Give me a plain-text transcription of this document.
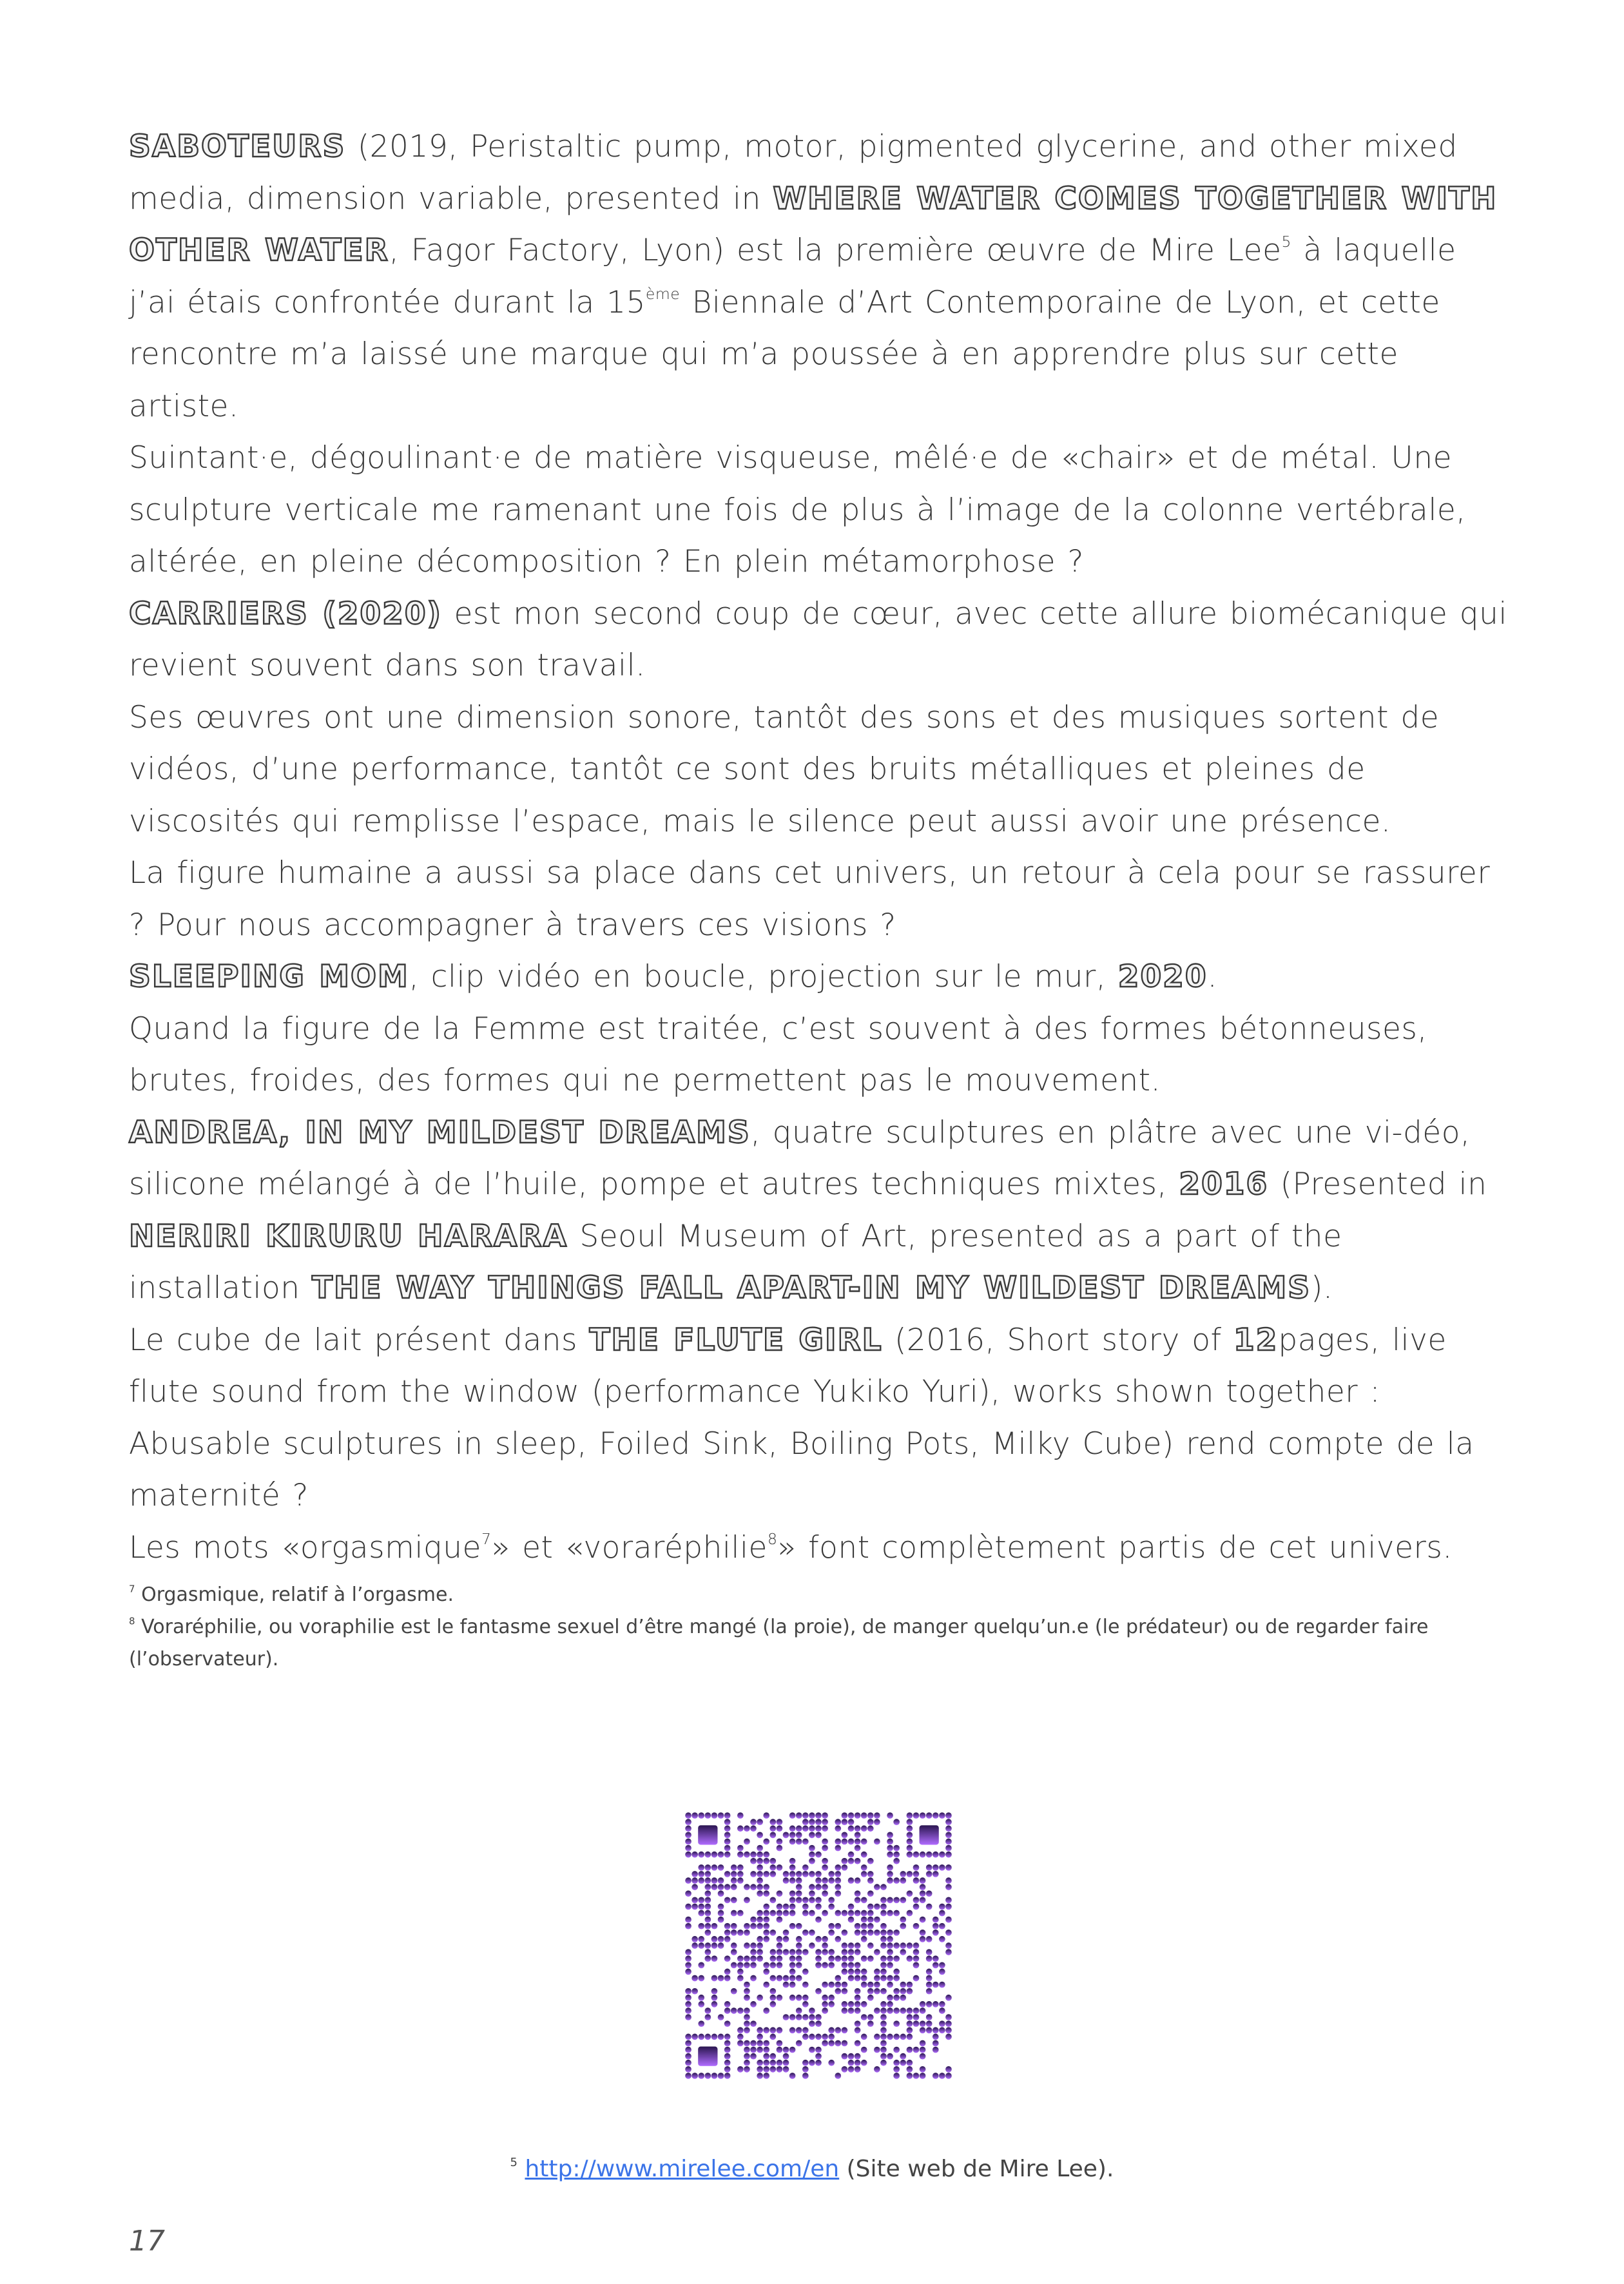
SABOTEURS (2019, Peristaltic pump, motor, pigmented glycerine, and other mixed media, dimension variable, presented in WHERE WATER COMES TOGETHER WITH OTHER WATER, Fagor Factory, Lyon) est la première œuvre de Mire Lee$^5$ à laquelle j’ai étais confrontée durant la 15ème Biennale d’Art Contemporaine de Lyon, et cette rencontre m’a laissé une marque qui m’a poussée à en apprendre plus sur cette artiste.

Suintant·e, dégoulinant·e de matière visqueuse, mêlé·e de «chair» et de métal. Une sculpture verticale me ramenant une fois de plus à l’image de la colonne vertébrale, altérée, en pleine décomposition ? En plein métamorphose ?

CARRIERS (2020) est mon second coup de cœur, avec cette allure biomécanique qui revient souvent dans son travail.

Ses œuvres ont une dimension sonore, tantôt des sons et des musiques sortent de vidéos, d’une performance, tantôt ce sont des bruits métalliques et pleines de viscosités qui remplisse l’espace, mais le silence peut aussi avoir une présence.

La figure humaine a aussi sa place dans cet univers, un retour à cela pour se rassurer ? Pour nous accompagner à travers ces visions ?

SLEEPING MOM, clip vidéo en boucle, projection sur le mur, 2020.

Quand la figure de la Femme est traitée, c’est souvent à des formes bétonneuses, brutes, froides, des formes qui ne permettent pas le mouvement.

ANDREA, IN MY MILDEST DREAMS, quatre sculptures en plâtre avec une vi-déo, silicone mélangé à de l’huile, pompe et autres techniques mixtes, 2016 (Presented in NERIRI KIRURU HARARA Seoul Museum of Art, presented as a part of the installation THE WAY THINGS FALL APART-IN MY WILDEST DREAMS).

Le cube de lait présent dans THE FLUTE GIRL (2016, Short story of 12pages, live flute sound from the window (performance Yukiko Yuri), works shown together : Abusable sculptures in sleep, Foiled Sink, Boiling Pots, Milky Cube) rend compte de la maternité ?

Les mots «orgasmique$^7$» et «voraréphilie$^8$» font complètement partis de cet univers.

$^7$ Orgasmique, relatif à l’orgasme.

$^8$ Voraréphilie, ou voraphilie est le fantasme sexuel d’être mangé (la proie), de manger quelqu’un.e (le prédateur) ou de regarder faire (l’observateur).

$^5$ http://www.mirelee.com/en (Site web de Mire Lee).
17
